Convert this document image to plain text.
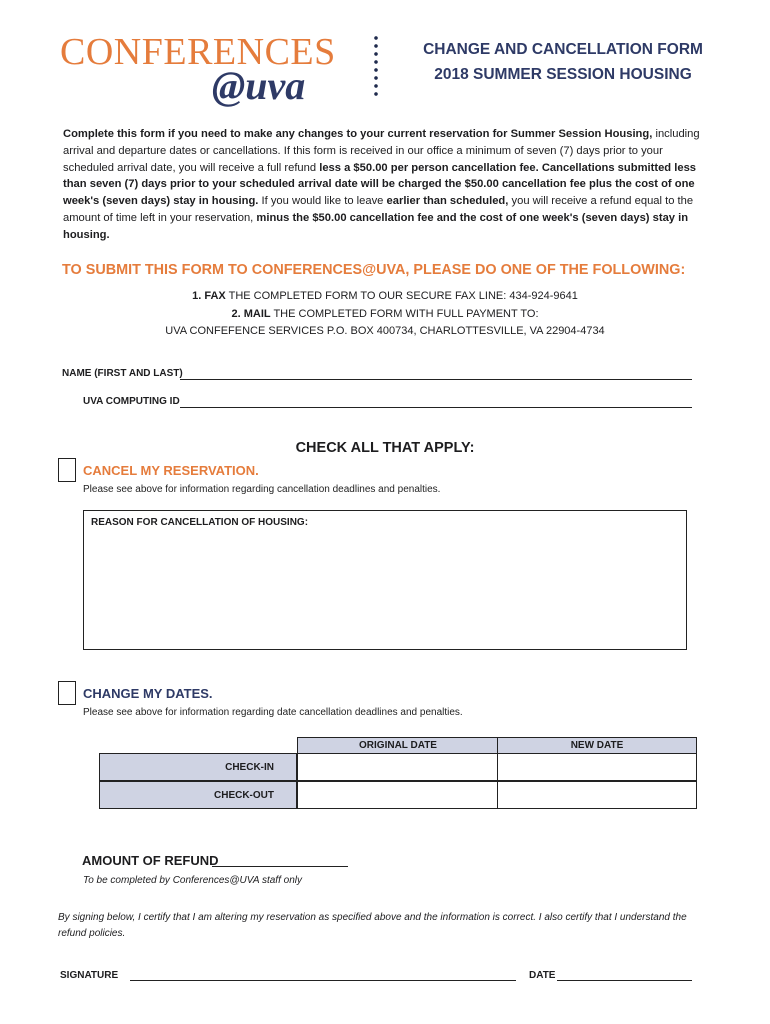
CONFERENCES
@uva
CHANGE AND CANCELLATION FORM
2018 SUMMER SESSION HOUSING
Complete this form if you need to make any changes to your current reservation for Summer Session Housing, including arrival and departure dates or cancellations. If this form is received in our office a minimum of seven (7) days prior to your scheduled arrival date, you will receive a full refund less a $50.00 per person cancellation fee. Cancellations submitted less than seven (7) days prior to your scheduled arrival date will be charged the $50.00 cancellation fee plus the cost of one week's (seven days) stay in housing. If you would like to leave earlier than scheduled, you will receive a refund equal to the amount of time left in your reservation, minus the $50.00 cancellation fee and the cost of one week's (seven days) stay in housing.
TO SUBMIT THIS FORM TO CONFERENCES@UVA, PLEASE DO ONE OF THE FOLLOWING:
1. FAX THE COMPLETED FORM TO OUR SECURE FAX LINE: 434-924-9641
2. MAIL THE COMPLETED FORM WITH FULL PAYMENT TO:
UVA CONFEFENCE SERVICES P.O. BOX 400734, CHARLOTTESVILLE, VA 22904-4734
NAME (FIRST AND LAST)
UVA COMPUTING ID
CHECK ALL THAT APPLY:
CANCEL MY RESERVATION.
Please see above for information regarding cancellation deadlines and penalties.
REASON FOR CANCELLATION OF HOUSING:
CHANGE MY DATES.
Please see above for information regarding date cancellation deadlines and penalties.
ORIGINAL DATE	NEW DATE
CHECK-IN
CHECK-OUT
AMOUNT OF REFUND
To be completed by Conferences@UVA staff only
By signing below, I certify that I am altering my reservation as specified above and the information is correct. I also certify that I understand the refund policies.
SIGNATURE	DATE
